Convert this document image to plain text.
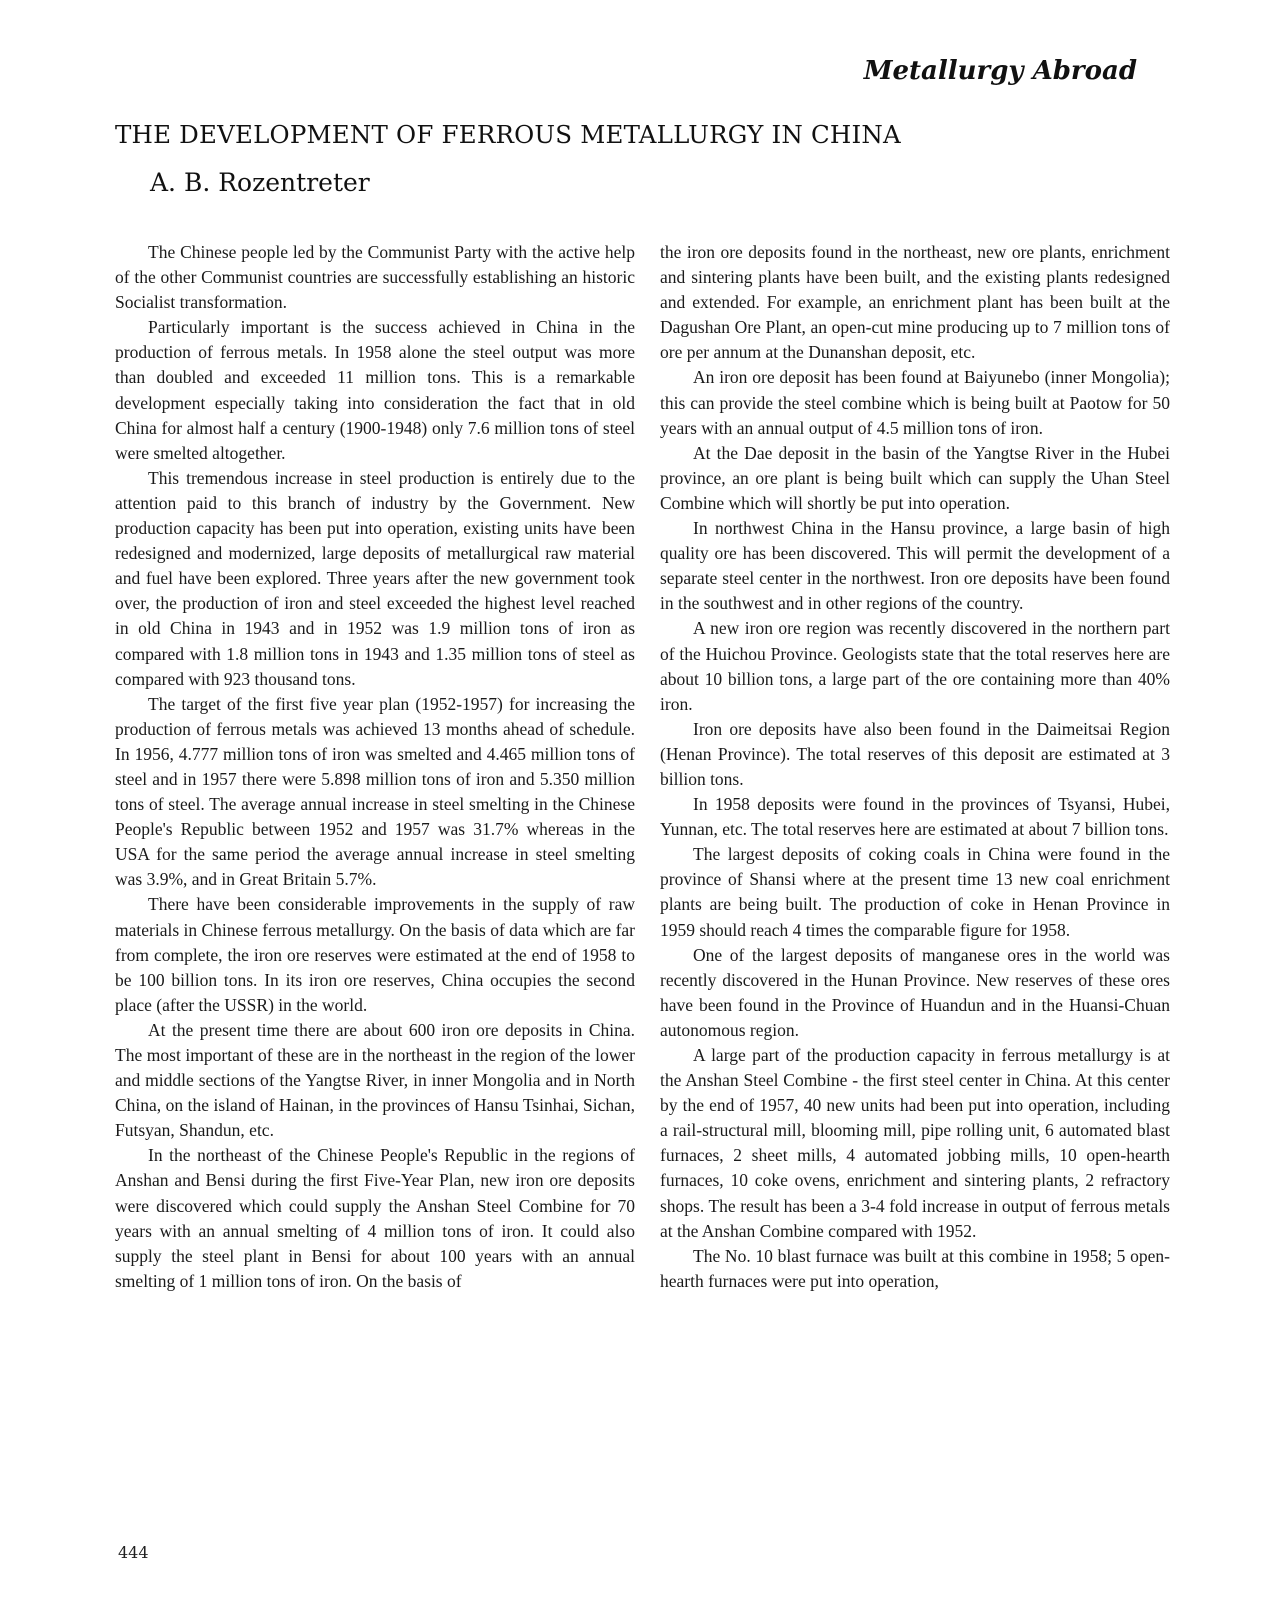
Metallurgy Abroad
THE DEVELOPMENT OF FERROUS METALLURGY IN CHINA
A. B. Rozentreter

The Chinese people led by the Communist Party with the active help of the other Communist countries are successfully establishing an historic Socialist transformation.

Particularly important is the success achieved in China in the production of ferrous metals. In 1958 alone the steel output was more than doubled and exceeded 11 million tons. This is a remarkable development especially taking into consideration the fact that in old China for almost half a century (1900-1948) only 7.6 million tons of steel were smelted altogether.

This tremendous increase in steel production is entirely due to the attention paid to this branch of industry by the Government. New production capacity has been put into operation, existing units have been redesigned and modernized, large deposits of metallurgical raw material and fuel have been explored. Three years after the new government took over, the production of iron and steel exceeded the highest level reached in old China in 1943 and in 1952 was 1.9 million tons of iron as compared with 1.8 million tons in 1943 and 1.35 million tons of steel as compared with 923 thousand tons.

The target of the first five year plan (1952-1957) for increasing the production of ferrous metals was achieved 13 months ahead of schedule. In 1956, 4.777 million tons of iron was smelted and 4.465 million tons of steel and in 1957 there were 5.898 million tons of iron and 5.350 million tons of steel. The average annual increase in steel smelting in the Chinese People's Republic between 1952 and 1957 was 31.7% whereas in the USA for the same period the average annual increase in steel smelting was 3.9%, and in Great Britain 5.7%.

There have been considerable improvements in the supply of raw materials in Chinese ferrous metallurgy. On the basis of data which are far from complete, the iron ore reserves were estimated at the end of 1958 to be 100 billion tons. In its iron ore reserves, China occupies the second place (after the USSR) in the world.

At the present time there are about 600 iron ore deposits in China. The most important of these are in the northeast in the region of the lower and middle sections of the Yangtse River, in inner Mongolia and in North China, on the island of Hainan, in the provinces of Hansu Tsinhai, Sichan, Futsyan, Shandun, etc.

In the northeast of the Chinese People's Republic in the regions of Anshan and Bensi during the first Five-Year Plan, new iron ore deposits were discovered which could supply the Anshan Steel Combine for 70 years with an annual smelting of 4 million tons of iron. It could also supply the steel plant in Bensi for about 100 years with an annual smelting of 1 million tons of iron. On the basis of

the iron ore deposits found in the northeast, new ore plants, enrichment and sintering plants have been built, and the existing plants redesigned and extended. For example, an enrichment plant has been built at the Dagushan Ore Plant, an open-cut mine producing up to 7 million tons of ore per annum at the Dunanshan deposit, etc.

An iron ore deposit has been found at Baiyunebo (inner Mongolia); this can provide the steel combine which is being built at Paotow for 50 years with an annual output of 4.5 million tons of iron.

At the Dae deposit in the basin of the Yangtse River in the Hubei province, an ore plant is being built which can supply the Uhan Steel Combine which will shortly be put into operation.

In northwest China in the Hansu province, a large basin of high quality ore has been discovered. This will permit the development of a separate steel center in the northwest. Iron ore deposits have been found in the southwest and in other regions of the country.

A new iron ore region was recently discovered in the northern part of the Huichou Province. Geologists state that the total reserves here are about 10 billion tons, a large part of the ore containing more than 40% iron.

Iron ore deposits have also been found in the Daimeitsai Region (Henan Province). The total reserves of this deposit are estimated at 3 billion tons.

In 1958 deposits were found in the provinces of Tsyansi, Hubei, Yunnan, etc. The total reserves here are estimated at about 7 billion tons.

The largest deposits of coking coals in China were found in the province of Shansi where at the present time 13 new coal enrichment plants are being built. The production of coke in Henan Province in 1959 should reach 4 times the comparable figure for 1958.

One of the largest deposits of manganese ores in the world was recently discovered in the Hunan Province. New reserves of these ores have been found in the Province of Huandun and in the Huansi-Chuan autonomous region.

A large part of the production capacity in ferrous metallurgy is at the Anshan Steel Combine - the first steel center in China. At this center by the end of 1957, 40 new units had been put into operation, including a rail-structural mill, blooming mill, pipe rolling unit, 6 automated blast furnaces, 2 sheet mills, 4 automated jobbing mills, 10 open-hearth furnaces, 10 coke ovens, enrichment and sintering plants, 2 refractory shops. The result has been a 3-4 fold increase in output of ferrous metals at the Anshan Combine compared with 1952.

The No. 10 blast furnace was built at this combine in 1958; 5 open-hearth furnaces were put into operation,

444
